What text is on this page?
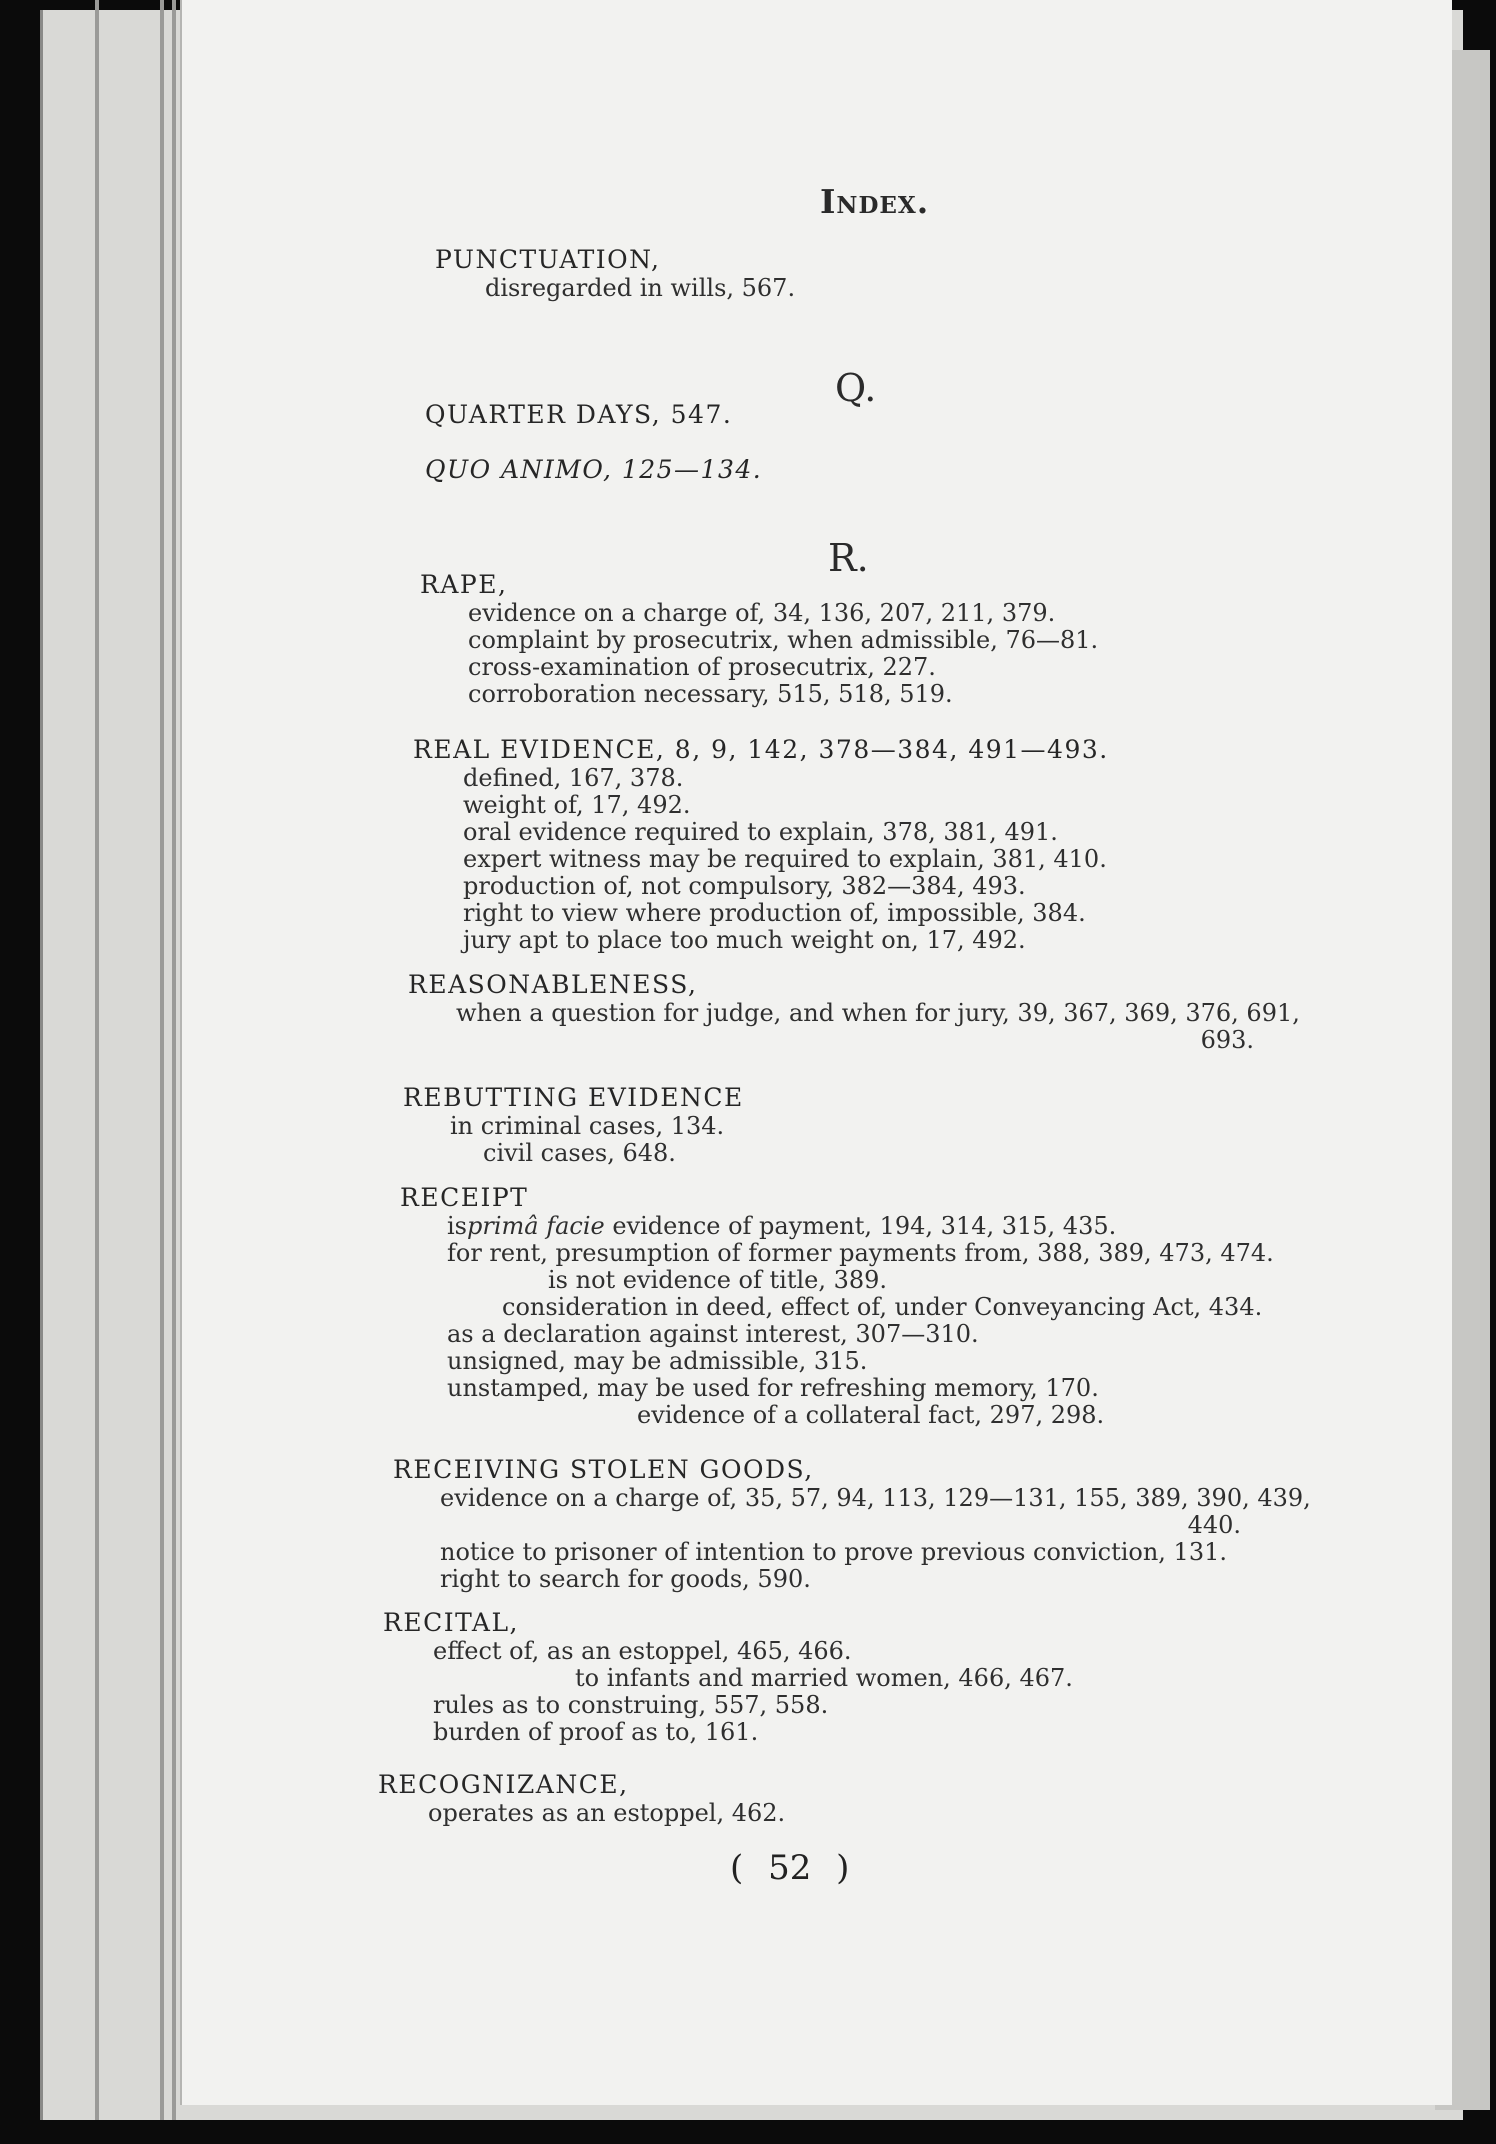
Index.
PUNCTUATION,
disregarded in wills, 567.
Q.
QUARTER DAYS, 547.
QUO ANIMO, 125—134.
R.
RAPE,
evidence on a charge of, 34, 136, 207, 211, 379.
complaint by prosecutrix, when admissible, 76—81.
cross-examination of prosecutrix, 227.
corroboration necessary, 515, 518, 519.
REAL EVIDENCE, 8, 9, 142, 378—384, 491—493.
defined, 167, 378.
weight of, 17, 492.
oral evidence required to explain, 378, 381, 491.
expert witness may be required to explain, 381, 410.
production of, not compulsory, 382—384, 493.
right to view where production of, impossible, 384.
jury apt to place too much weight on, 17, 492.
REASONABLENESS,
when a question for judge, and when for jury, 39, 367, 369, 376, 691,
693.
REBUTTING EVIDENCE
in criminal cases, 134.
civil cases, 648.
RECEIPT
isprimâ facie evidence of payment, 194, 314, 315, 435.
for rent, presumption of former payments from, 388, 389, 473, 474.
is not evidence of title, 389.
consideration in deed, effect of, under Conveyancing Act, 434.
as a declaration against interest, 307—310.
unsigned, may be admissible, 315.
unstamped, may be used for refreshing memory, 170.
evidence of a collateral fact, 297, 298.
RECEIVING STOLEN GOODS,
evidence on a charge of, 35, 57, 94, 113, 129—131, 155, 389, 390, 439,
440.
notice to prisoner of intention to prove previous conviction, 131.
right to search for goods, 590.
RECITAL,
effect of, as an estoppel, 465, 466.
to infants and married women, 466, 467.
rules as to construing, 557, 558.
burden of proof as to, 161.
RECOGNIZANCE,
operates as an estoppel, 462.
( 52 )
